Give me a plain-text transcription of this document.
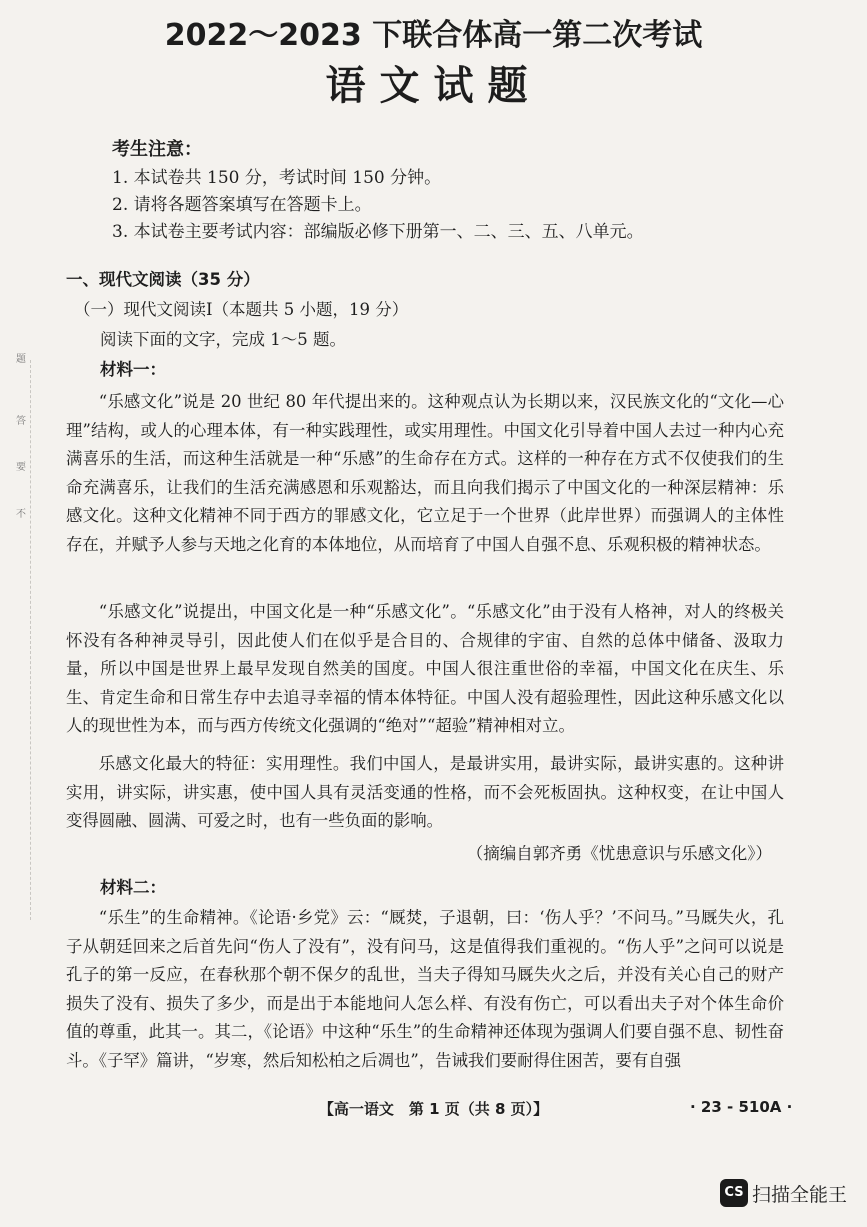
2022～2023 下联合体高一第二次考试
语文试题
考生注意：
1. 本试卷共 150 分，考试时间 150 分钟。
2. 请将各题答案填写在答题卡上。
3. 本试卷主要考试内容：部编版必修下册第一、二、三、五、八单元。
一、现代文阅读（35 分）
（一）现代文阅读Ⅰ（本题共 5 小题，19 分）
阅读下面的文字，完成 1～5 题。
材料一：
“乐感文化”说是 20 世纪 80 年代提出来的。这种观点认为长期以来，汉民族文化的“文化—心理”结构，或人的心理本体，有一种实践理性，或实用理性。中国文化引导着中国人去过一种内心充满喜乐的生活，而这种生活就是一种“乐感”的生命存在方式。这样的一种存在方式不仅使我们的生命充满喜乐，让我们的生活充满感恩和乐观豁达，而且向我们揭示了中国文化的一种深层精神：乐感文化。这种文化精神不同于西方的罪感文化，它立足于一个世界（此岸世界）而强调人的主体性存在，并赋予人参与天地之化育的本体地位，从而培育了中国人自强不息、乐观积极的精神状态。
“乐感文化”说提出，中国文化是一种“乐感文化”。“乐感文化”由于没有人格神，对人的终极关怀没有各种神灵导引，因此使人们在似乎是合目的、合规律的宇宙、自然的总体中储备、汲取力量，所以中国是世界上最早发现自然美的国度。中国人很注重世俗的幸福，中国文化在庆生、乐生、肯定生命和日常生存中去追寻幸福的情本体特征。中国人没有超验理性，因此这种乐感文化以人的现世性为本，而与西方传统文化强调的“绝对”“超验”精神相对立。
乐感文化最大的特征：实用理性。我们中国人，是最讲实用，最讲实际，最讲实惠的。这种讲实用，讲实际，讲实惠，使中国人具有灵活变通的性格，而不会死板固执。这种权变，在让中国人变得圆融、圆满、可爱之时，也有一些负面的影响。
（摘编自郭齐勇《忧患意识与乐感文化》）
材料二：
“乐生”的生命精神。《论语·乡党》云：“厩焚，子退朝，曰：‘伤人乎？’不问马。”马厩失火，孔子从朝廷回来之后首先问“伤人了没有”，没有问马，这是值得我们重视的。“伤人乎”之问可以说是孔子的第一反应，在春秋那个朝不保夕的乱世，当夫子得知马厩失火之后，并没有关心自己的财产损失了没有、损失了多少，而是出于本能地问人怎么样、有没有伤亡，可以看出夫子对个体生命价值的尊重，此其一。其二，《论语》中这种“乐生”的生命精神还体现为强调人们要自强不息、韧性奋斗。《子罕》篇讲，“岁寒，然后知松柏之后凋也”，告诫我们要耐得住困苦，要有自强
【高一语文　第 1 页（共 8 页）】	· 23 - 510A ·
题
答
要
不
CS 扫描全能王
